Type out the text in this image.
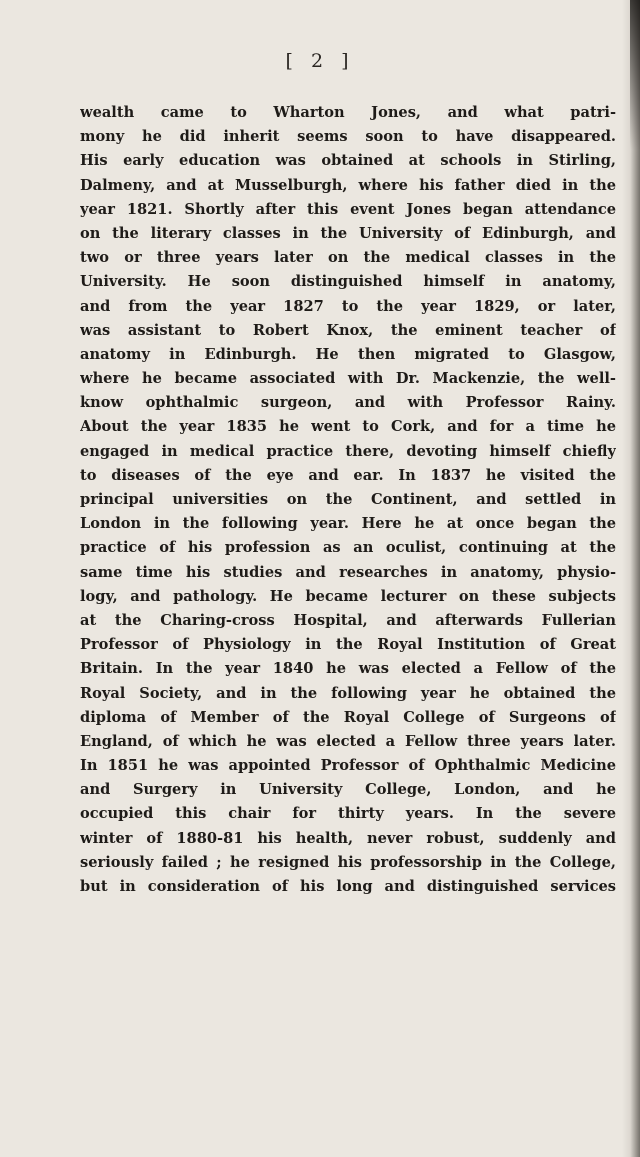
[ 2 ]
wealth came to Wharton Jones, and what patri-
mony he did inherit seems soon to have disappeared.
His early education was obtained at schools in Stirling,
Dalmeny, and at Musselburgh, where his father died in the
year 1821. Shortly after this event Jones began attendance
on the literary classes in the University of Edinburgh, and
two or three years later on the medical classes in the
University. He soon distinguished himself in anatomy,
and from the year 1827 to the year 1829, or later,
was assistant to Robert Knox, the eminent teacher of
anatomy in Edinburgh. He then migrated to Glasgow,
where he became associated with Dr. Mackenzie, the well-
know ophthalmic surgeon, and with Professor Rainy.
About the year 1835 he went to Cork, and for a time he
engaged in medical practice there, devoting himself chiefly
to diseases of the eye and ear. In 1837 he visited the
principal universities on the Continent, and settled in
London in the following year. Here he at once began the
practice of his profession as an oculist, continuing at the
same time his studies and researches in anatomy, physio-
logy, and pathology. He became lecturer on these subjects
at the Charing-cross Hospital, and afterwards Fullerian
Professor of Physiology in the Royal Institution of Great
Britain. In the year 1840 he was elected a Fellow of the
Royal Society, and in the following year he obtained the
diploma of Member of the Royal College of Surgeons of
England, of which he was elected a Fellow three years later.
In 1851 he was appointed Professor of Ophthalmic Medicine
and Surgery in University College, London, and he
occupied this chair for thirty years. In the severe
winter of 1880-81 his health, never robust, suddenly and
seriously failed ; he resigned his professorship in the College,
but in consideration of his long and distinguished services
